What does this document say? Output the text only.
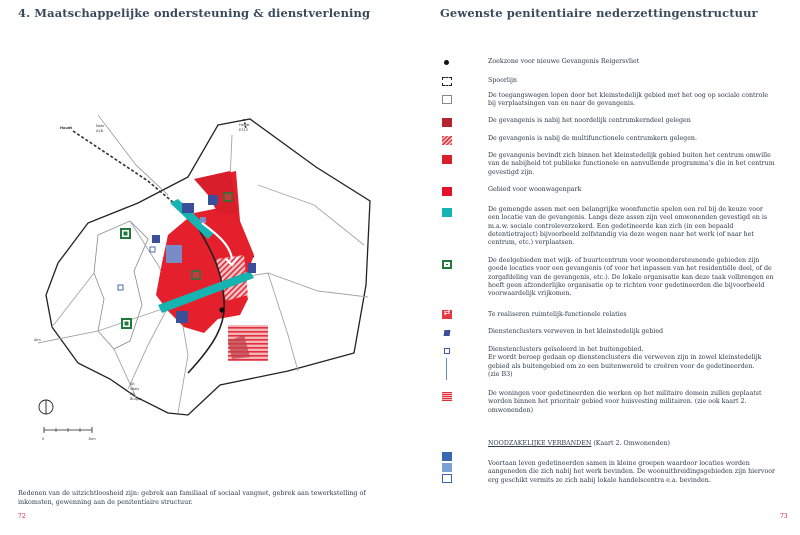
4. Maatschappelijke ondersteuning & dienstverlening
Houdt	Nahr
A1B
Houdt
E313
Alm
Alt
Vaals
Alt
Burger
0	1km
Redenen van de uitzichtloosheid zijn: gebrek aan familiaal of sociaal vangnet, gebrek aan tewerkstelling of inkomsten, gewenning aan de penitentiaire structuur.
72
Gewenste penitentiaire nederzettingenstructuur
Zoekzone voor nieuwe Gevangenis Reigersvliet
Spoorlijn
De toegangswegen lopen door het kleinstedelijk gebied met het oog op sociale controle bij verplaatsingen van en naar de gevangenis.
De gevangenis is nabij het noordelijk centrumkerndeel gelegen
De gevangenis is nabij de multifunctionele centrumkern gelegen.
De gevangenis bevindt zich binnen het kleinstedelijk gebied buiten het centrum omwille van de nabijheid tot publieke functionele en aanvullende programma's die in het centrum gevestigd zijn.
Gebied voor woonwagenpark
De gemengde assen met een belangrijke woonfunctie spelen een rol bij de keuze voor een locatie van de gevangenis. Langs deze assen zijn veel omwonenden gevestigd en is m.a.w. sociale controleverzekerd. Een gedetineerde kan zich (in een bepaald detentietraject) bijvoorbeeld zelfstandig via deze wegen naar het werk (of naar het centrum, etc.) verplaatsen.
De deelgebieden met wijk- of buurtcentrum voor woonondersteunende gebieden zijn goede locaties voor een gevangenis (of voor het inpassen van het residentiële deel, of de zorgafdeling van de gevangenis, etc.). De lokale organisatie kan deze taak volbrengen en hoeft geen afzonderlijke organisatie op te richten voor gedetineerden die bijvoorbeeld voorwaardelijk vrijkomen.
⇄
Te realiseren ruimtelijk-functionele relaties
Dienstenclusters verweven in het kleinstedelijk gebied
Dienstenclusters geïsoleerd in het buitengebied.
Er wordt beroep gedaan op dienstenclusters die verweven zijn in zowel kleinstedelijk gebied als buitengebied om zo een buitenwereld te creëren voor de gedetineerden.
(zie B3)
De woningen voor gedetineerden die werken op het militaire domein zullen geplaatst worden binnen het prioritair gebied voor huisvesting militairen. (zie ook kaart 2. omwonenden)
NOODZAKELIJKE VERBANDEN (Kaart 2. Omwonenden)
Voortaan leven gedetineerden samen in kleine groepen waardoor locaties worden aangeneden die zich nabij het werk bevinden. De woonuitbreidingsgebieden zijn hiervoor erg geschikt vermits ze zich nabij lokale handelscentra e.a. bevinden.
73
